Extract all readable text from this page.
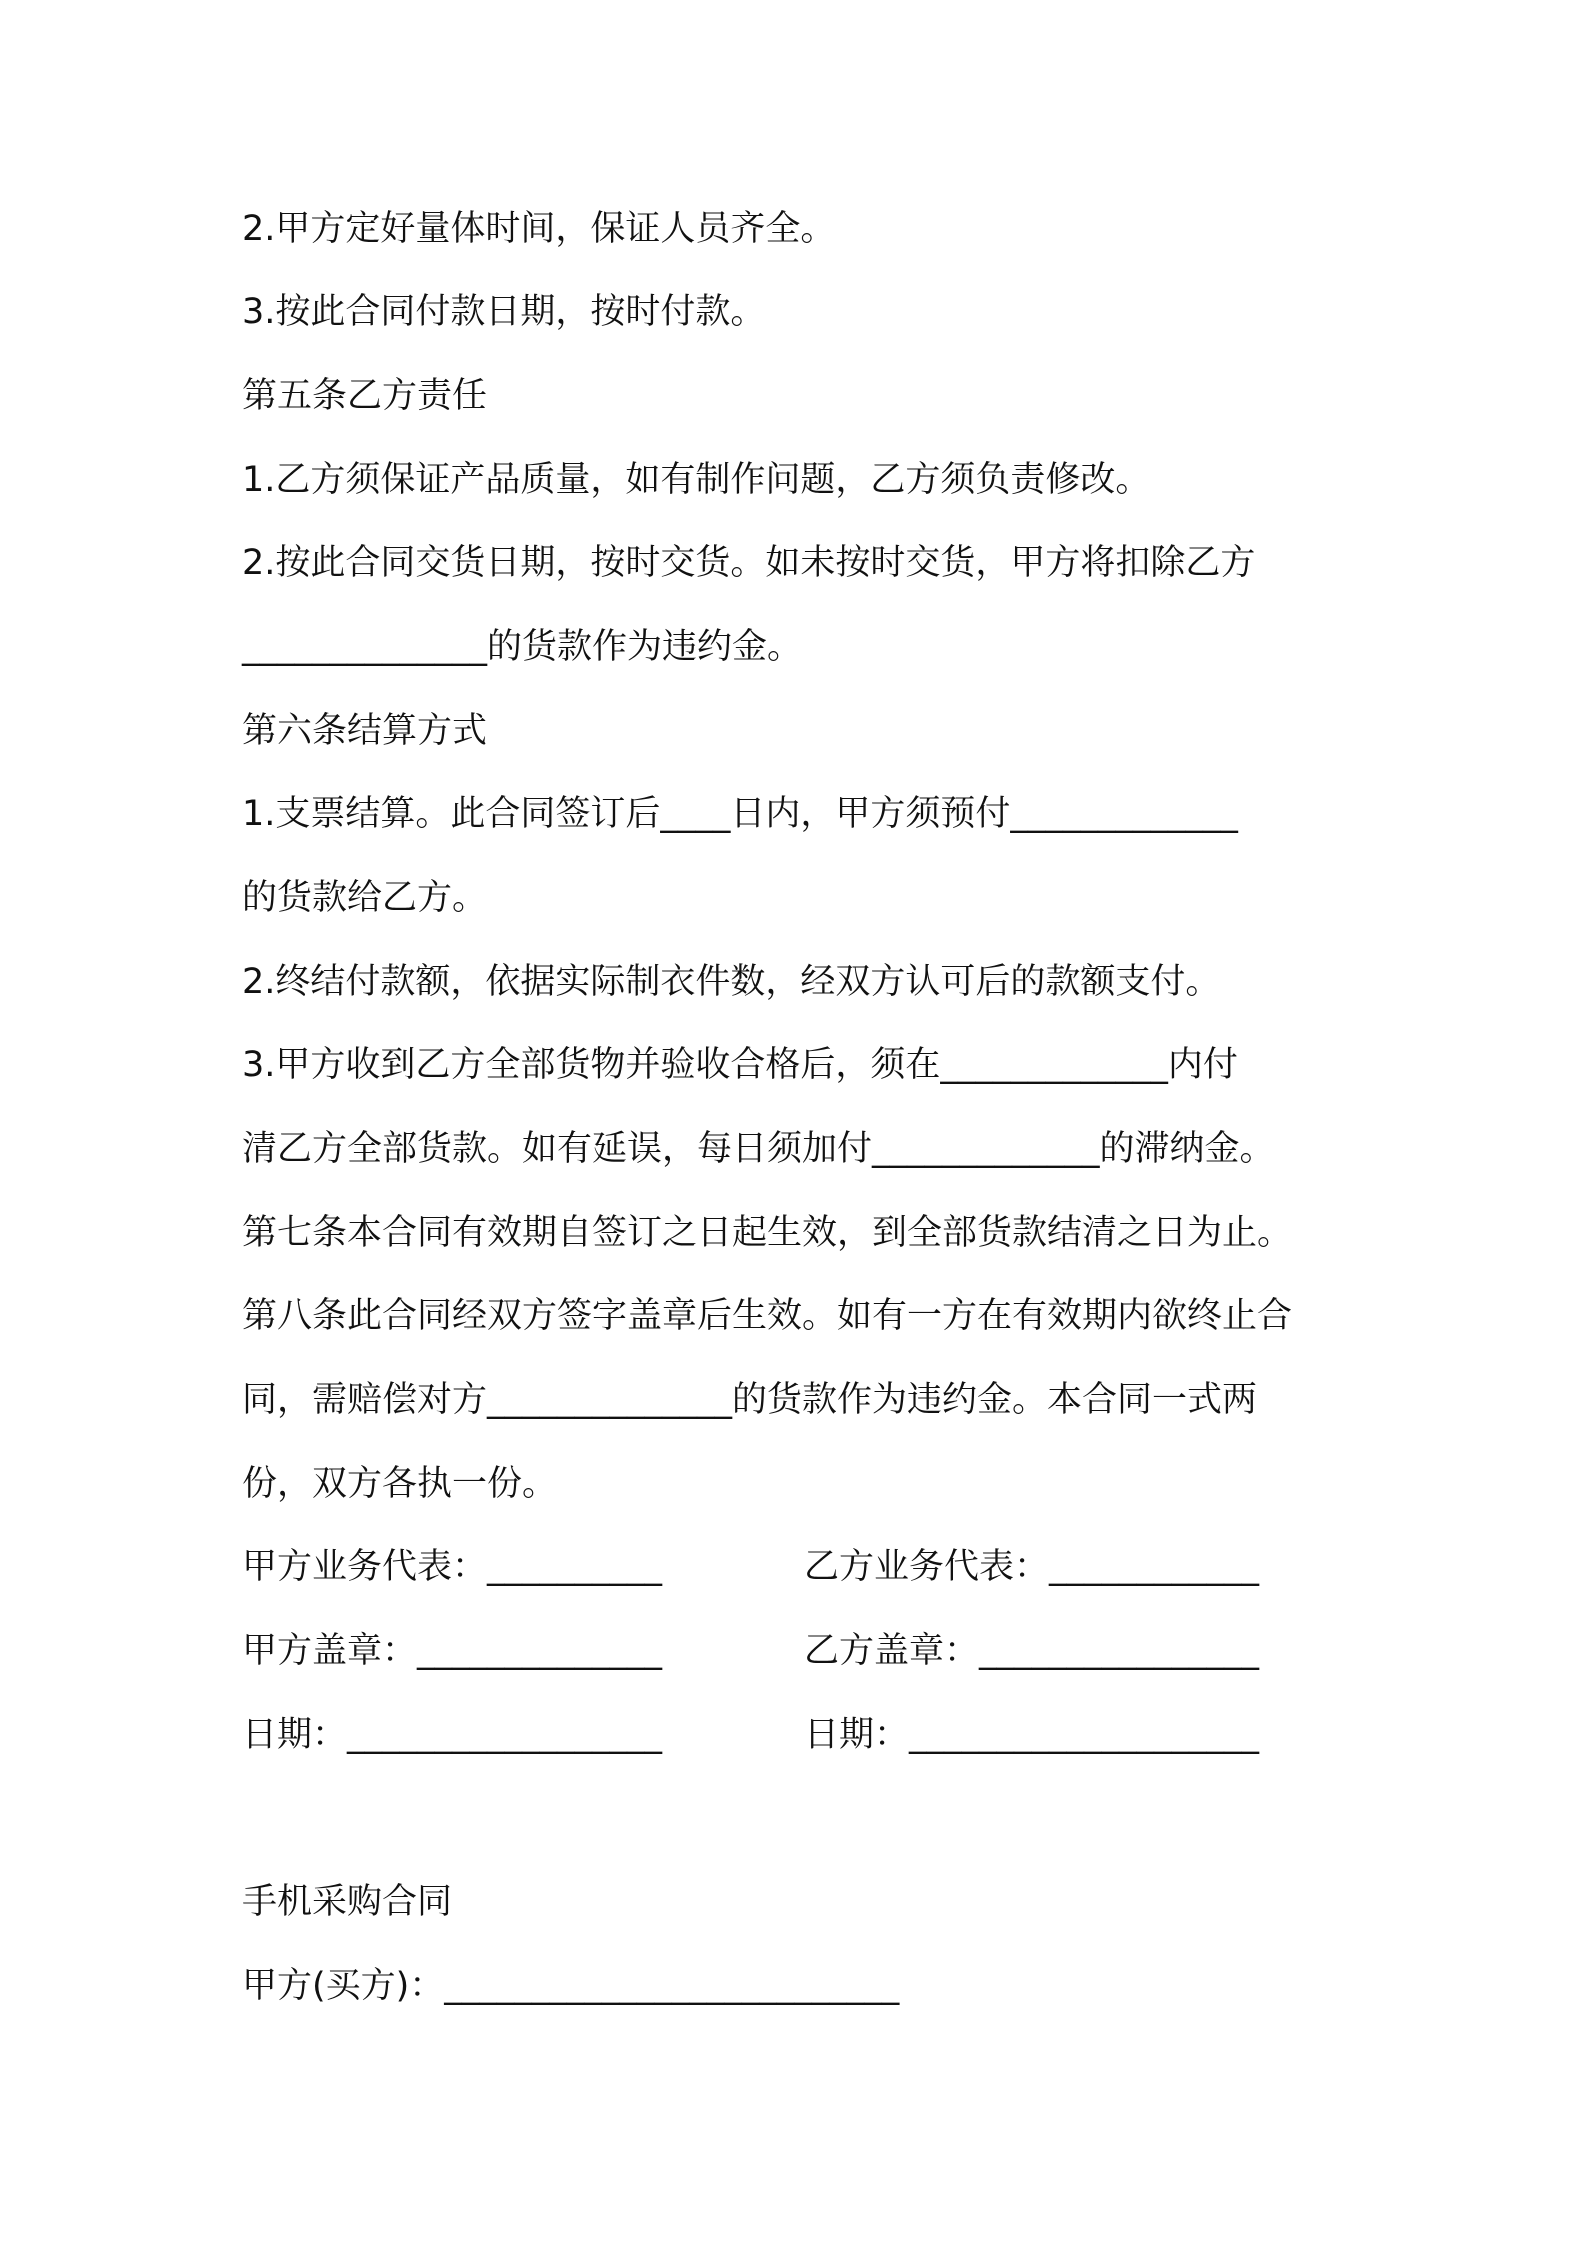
2.甲方定好量体时间，保证人员齐全。

3.按此合同付款日期，按时付款。

第五条乙方责任

1.乙方须保证产品质量，如有制作问题，乙方须负责修改。

2.按此合同交货日期，按时交货。如未按时交货，甲方将扣除乙方

______________的货款作为违约金。

第六条结算方式

1.支票结算。此合同签订后____日内，甲方须预付_____________

的货款给乙方。

2.终结付款额，依据实际制衣件数，经双方认可后的款额支付。

3.甲方收到乙方全部货物并验收合格后，须在_____________内付

清乙方全部货款。如有延误，每日须加付_____________的滞纳金。

第七条本合同有效期自签订之日起生效，到全部货款结清之日为止。

第八条此合同经双方签字盖章后生效。如有一方在有效期内欲终止合

同，需赔偿对方______________的货款作为违约金。本合同一式两

份，双方各执一份。

甲方业务代表：__________	乙方业务代表：____________

甲方盖章：______________	乙方盖章：________________

日期：__________________	日期：____________________

手机采购合同

甲方(买方)：__________________________
